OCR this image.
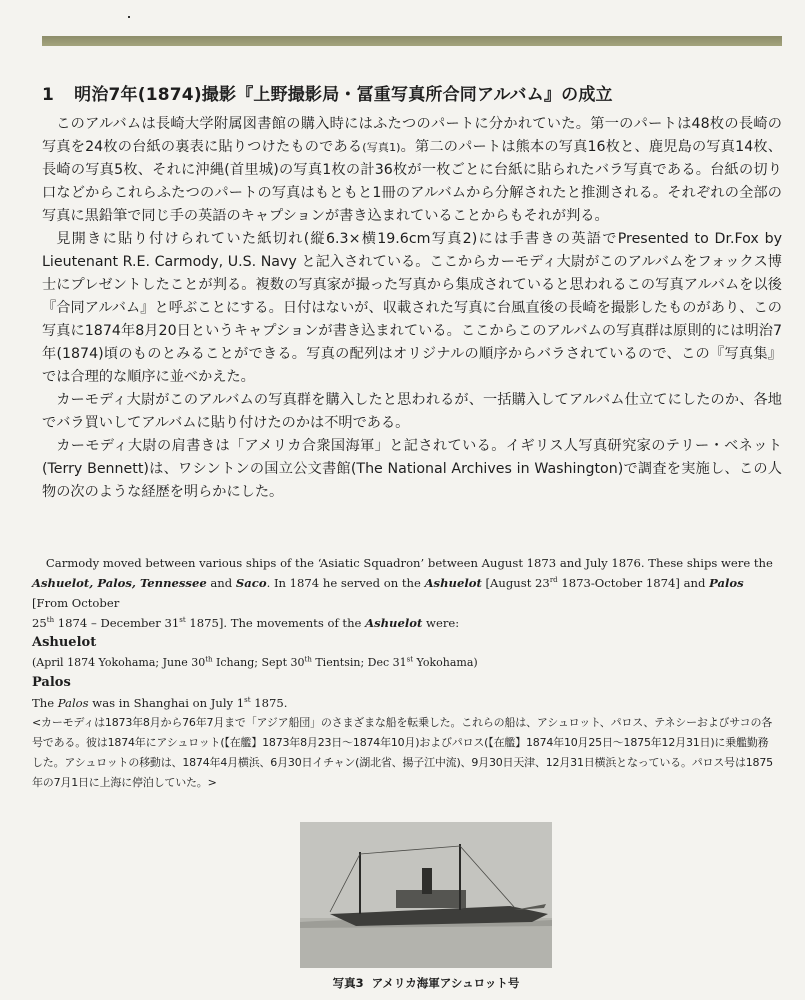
1 明治7年(1874)撮影『上野撮影局・冨重写真所合同アルバム』の成立

このアルバムは長崎大学附属図書館の購入時にはふたつのパートに分かれていた。第一のパートは48枚の長崎の写真を24枚の台紙の裏表に貼りつけたものである(写真1)。第二のパートは熊本の写真16枚と、鹿児島の写真14枚、長崎の写真5枚、それに沖縄(首里城)の写真1枚の計36枚が一枚ごとに台紙に貼られたバラ写真である。台紙の切り口などからこれらふたつのパートの写真はもともと1冊のアルバムから分解されたと推測される。それぞれの全部の写真に黒鉛筆で同じ手の英語のキャプションが書き込まれていることからもそれが判る。

見開きに貼り付けられていた紙切れ(縦6.3×横19.6cm写真2)には手書きの英語でPresented to Dr.Fox by Lieutenant R.E. Carmody, U.S. Navy と記入されている。ここからカーモディ大尉がこのアルバムをフォックス博士にプレゼントしたことが判る。複数の写真家が撮った写真から集成されていると思われるこの写真アルバムを以後『合同アルバム』と呼ぶことにする。日付はないが、収載された写真に台風直後の長崎を撮影したものがあり、この写真に1874年8月20日というキャプションが書き込まれている。ここからこのアルバムの写真群は原則的には明治7年(1874)頃のものとみることができる。写真の配列はオリジナルの順序からバラされているので、この『写真集』では合理的な順序に並べかえた。

カーモディ大尉がこのアルバムの写真群を購入したと思われるが、一括購入してアルバム仕立てにしたのか、各地でバラ買いしてアルバムに貼り付けたのかは不明である。

カーモディ大尉の肩書きは「アメリカ合衆国海軍」と記されている。イギリス人写真研究家のテリー・ベネット(Terry Bennett)は、ワシントンの国立公文書館(The National Archives in Washington)で調査を実施し、この人物の次のような経歴を明らかにした。

Carmody moved between various ships of the ‘Asiatic Squadron’ between August 1873 and July 1876. These ships were the Ashuelot, Palos, Tennessee and Saco. In 1874 he served on the Ashuelot [August 23rd 1873-October 1874] and Palos [From October
25th 1874 – December 31st 1875]. The movements of the Ashuelot were:

Ashuelot

(April 1874 Yokohama; June 30th Ichang; Sept 30th Tientsin; Dec 31st Yokohama)

Palos

The Palos was in Shanghai on July 1st 1875.

<カーモディは1873年8月から76年7月まで「アジア船団」のさまざまな船を転乗した。これらの船は、アシュロット、パロス、テネシーおよびサコの各号である。彼は1874年にアシュロット(【在艦】1873年8月23日〜1874年10月)およびパロス(【在艦】1874年10月25日〜1875年12月31日)に乗艦勤務した。アシュロットの移動は、1874年4月横浜、6月30日イチャン(湖北省、揚子江中流)、9月30日天津、12月31日横浜となっている。パロス号は1875年の7月1日に上海に停泊していた。>

写真3 アメリカ海軍アシュロット号
